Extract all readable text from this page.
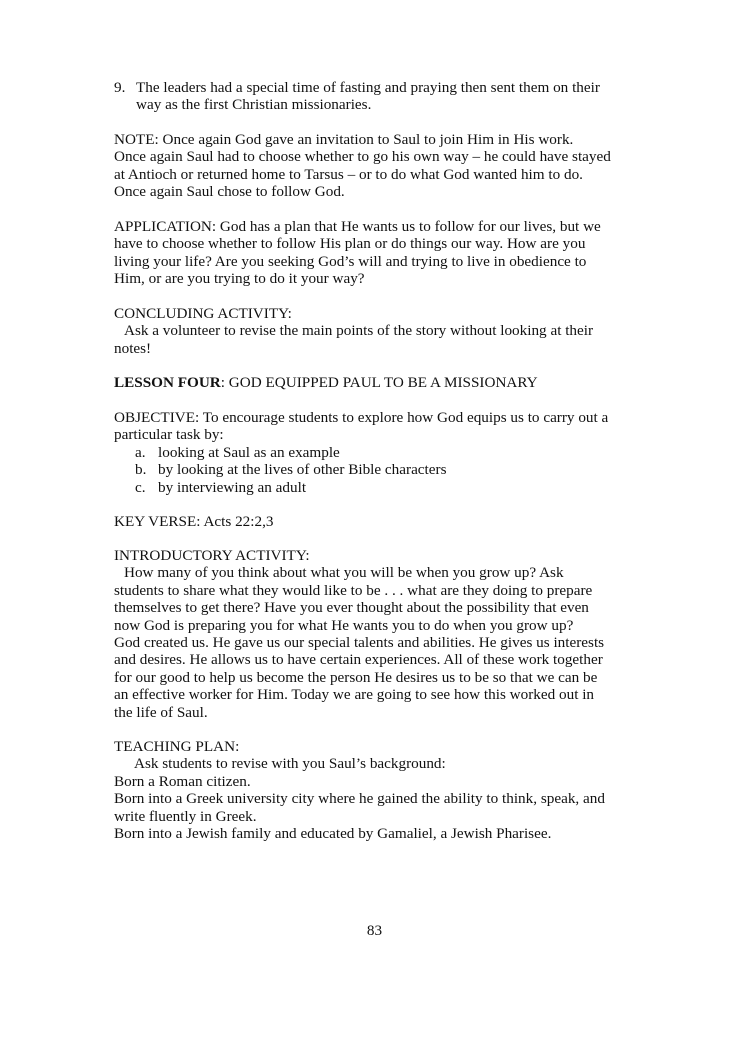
9. The leaders had a special time of fasting and praying then sent them on their
way as the first Christian missionaries.
NOTE: Once again God gave an invitation to Saul to join Him in His work.
Once again Saul had to choose whether to go his own way – he could have stayed
at Antioch or returned home to Tarsus – or to do what God wanted him to do.
Once again Saul chose to follow God.
APPLICATION: God has a plan that He wants us to follow for our lives, but we
have to choose whether to follow His plan or do things our way. How are you
living your life? Are you seeking God’s will and trying to live in obedience to
Him, or are you trying to do it your way?
CONCLUDING ACTIVITY:
Ask a volunteer to revise the main points of the story without looking at their
notes!
LESSON FOUR: GOD EQUIPPED PAUL TO BE A MISSIONARY
OBJECTIVE: To encourage students to explore how God equips us to carry out a
particular task by:
a. looking at Saul as an example
b. by looking at the lives of other Bible characters
c. by interviewing an adult
KEY VERSE: Acts 22:2,3
INTRODUCTORY ACTIVITY:
How many of you think about what you will be when you grow up? Ask
students to share what they would like to be . . . what are they doing to prepare
themselves to get there? Have you ever thought about the possibility that even
now God is preparing you for what He wants you to do when you grow up?
God created us. He gave us our special talents and abilities. He gives us interests
and desires. He allows us to have certain experiences. All of these work together
for our good to help us become the person He desires us to be so that we can be
an effective worker for Him. Today we are going to see how this worked out in
the life of Saul.
TEACHING PLAN:
Ask students to revise with you Saul’s background:
Born a Roman citizen.
Born into a Greek university city where he gained the ability to think, speak, and
write fluently in Greek.
Born into a Jewish family and educated by Gamaliel, a Jewish Pharisee.
83
